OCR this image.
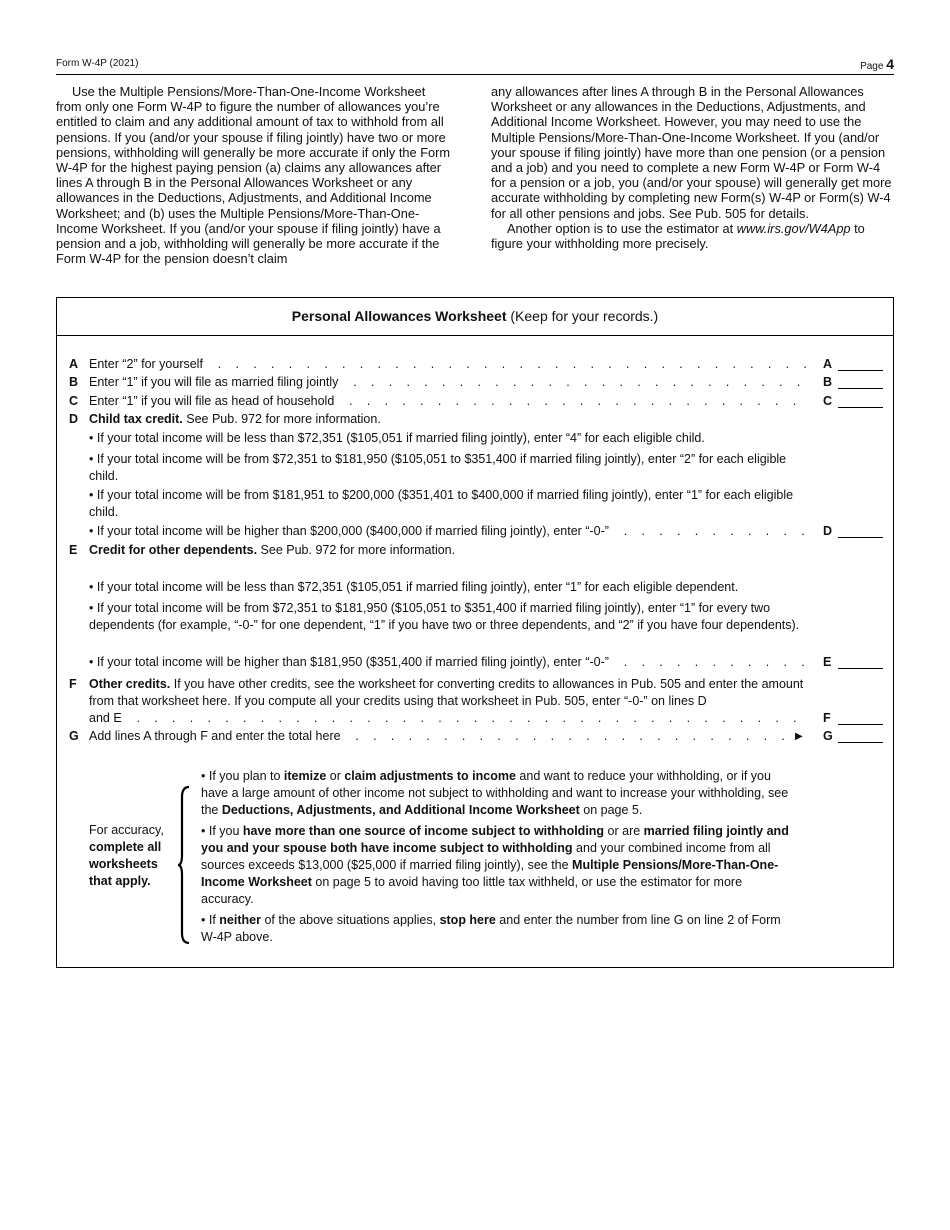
Form W-4P (2021)	Page 4

Use the Multiple Pensions/More-Than-One-Income Worksheet from only one Form W-4P to figure the number of allowances you’re entitled to claim and any additional amount of tax to withhold from all pensions. If you (and/or your spouse if filing jointly) have two or more pensions, withholding will generally be more accurate if only the Form W-4P for the highest paying pension (a) claims any allowances after lines A through B in the Personal Allowances Worksheet or any allowances in the Deductions, Adjustments, and Additional Income Worksheet; and (b) uses the Multiple Pensions/More-Than-One-Income Worksheet. If you (and/or your spouse if filing jointly) have a pension and a job, withholding will generally be more accurate if the Form W-4P for the pension doesn’t claim

any allowances after lines A through B in the Personal Allowances Worksheet or any allowances in the Deductions, Adjustments, and Additional Income Worksheet. However, you may need to use the Multiple Pensions/More-Than-One-Income Worksheet. If you (and/or your spouse if filing jointly) have more than one pension (or a pension and a job) and you need to complete a new Form W-4P or Form W-4 for a pension or a job, you (and/or your spouse) will generally get more accurate withholding by completing new Form(s) W-4P or Form(s) W-4 for all other pensions and jobs. See Pub. 505 for details.

Another option is to use the estimator at www.irs.gov/W4App to figure your withholding more precisely.

Personal Allowances Worksheet (Keep for your records.)
A Enter “2” for yourself . . .	A
B Enter “1” if you will file as married filing jointly . . .	B
C Enter “1” if you will file as head of household . . .	C
D Child tax credit. See Pub. 972 for more information.
• If your total income will be less than $72,351 ($105,051 if married filing jointly), enter “4” for each eligible child.
• If your total income will be from $72,351 to $181,950 ($105,051 to $351,400 if married filing jointly), enter “2” for each eligible child.
• If your total income will be from $181,951 to $200,000 ($351,401 to $400,000 if married filing jointly), enter “1” for each eligible child.
• If your total income will be higher than $200,000 ($400,000 if married filing jointly), enter “-0-” . . .	D
E Credit for other dependents. See Pub. 972 for more information.
• If your total income will be less than $72,351 ($105,051 if married filing jointly), enter “1” for each eligible dependent.
• If your total income will be from $72,351 to $181,950 ($105,051 to $351,400 if married filing jointly), enter “1” for every two dependents (for example, “-0-” for one dependent, “1” if you have two or three dependents, and “2” if you have four dependents).
• If your total income will be higher than $181,950 ($351,400 if married filing jointly), enter “-0-” . . .	E
F Other credits. If you have other credits, see the worksheet for converting credits to allowances in Pub. 505 and enter the amount from that worksheet here. If you compute all your credits using that worksheet in Pub. 505, enter “-0-” on lines D
and E . . .	F
G Add lines A through F and enter the total here . . .	▶ G
For accuracy, complete all worksheets that apply.

• If you plan to itemize or claim adjustments to income and want to reduce your withholding, or if you have a large amount of other income not subject to withholding and want to increase your withholding, see the Deductions, Adjustments, and Additional Income Worksheet on page 5.

• If you have more than one source of income subject to withholding or are married filing jointly and you and your spouse both have income subject to withholding and your combined income from all sources exceeds $13,000 ($25,000 if married filing jointly), see the Multiple Pensions/More-Than-One-Income Worksheet on page 5 to avoid having too little tax withheld, or use the estimator for more accuracy.

• If neither of the above situations applies, stop here and enter the number from line G on line 2 of Form W-4P above.
